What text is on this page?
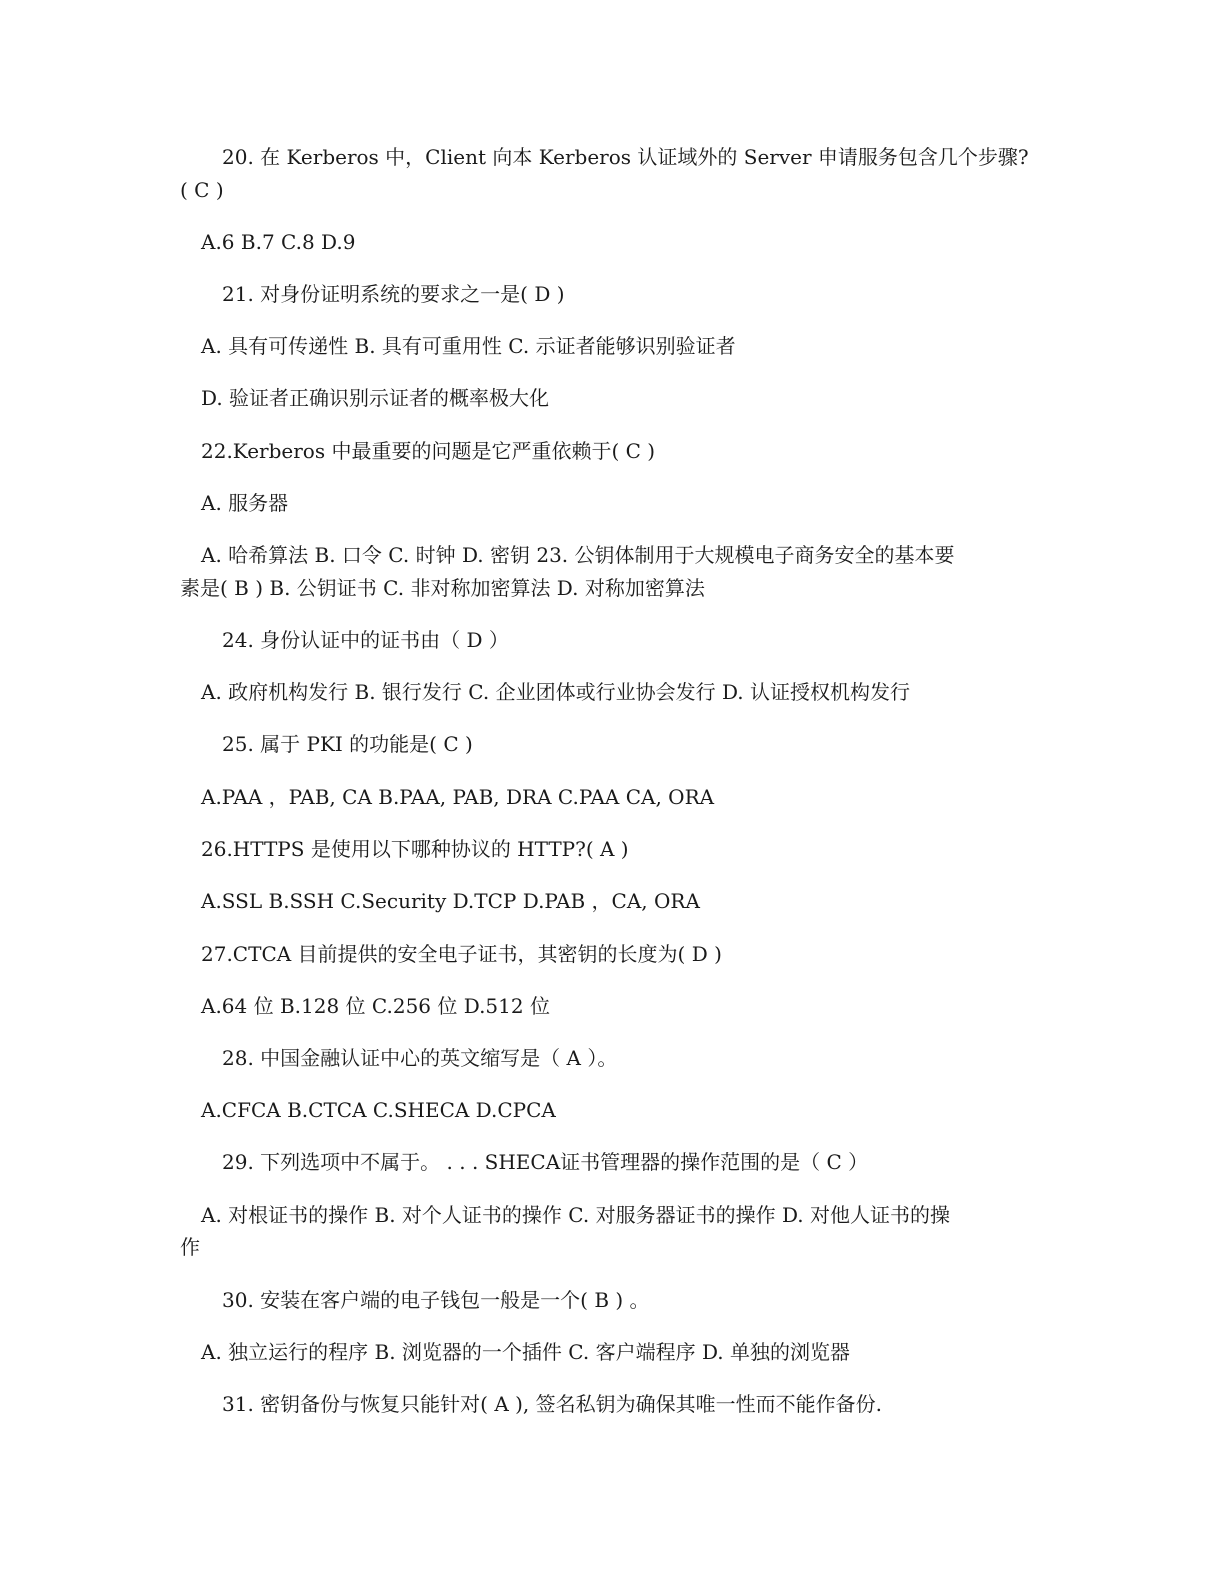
20. 在 Kerberos 中，Client 向本 Kerberos 认证域外的 Server 申请服务包含几个步骤?
( C )
A.6 B.7 C.8 D.9
21. 对身份证明系统的要求之一是( D )
A. 具有可传递性 B. 具有可重用性 C. 示证者能够识别验证者
D. 验证者正确识别示证者的概率极大化
22.Kerberos 中最重要的问题是它严重依赖于( C )
A. 服务器
A. 哈希算法 B. 口令 C. 时钟 D. 密钥 23. 公钥体制用于大规模电子商务安全的基本要
素是( B ) B. 公钥证书 C. 非对称加密算法 D. 对称加密算法
24. 身份认证中的证书由（ D ）
A. 政府机构发行 B. 银行发行 C. 企业团体或行业协会发行 D. 认证授权机构发行
25. 属于 PKI 的功能是( C )
A.PAA ，PAB, CA B.PAA, PAB, DRA C.PAA CA, ORA
26.HTTPS 是使用以下哪种协议的 HTTP?( A )
A.SSL B.SSH C.Security D.TCP D.PAB ，CA, ORA
27.CTCA 目前提供的安全电子证书，其密钥的长度为( D )
A.64 位 B.128 位 C.256 位 D.512 位
28. 中国金融认证中心的英文缩写是（ A ）。
A.CFCA B.CTCA C.SHECA D.CPCA
29. 下列选项中不属于。 . . . SHECA证书管理器的操作范围的是（ C ）
A. 对根证书的操作 B. 对个人证书的操作 C. 对服务器证书的操作 D. 对他人证书的操
作
30. 安装在客户端的电子钱包一般是一个( B ) 。
A. 独立运行的程序 B. 浏览器的一个插件 C. 客户端程序 D. 单独的浏览器
31. 密钥备份与恢复只能针对( A ), 签名私钥为确保其唯一性而不能作备份.
